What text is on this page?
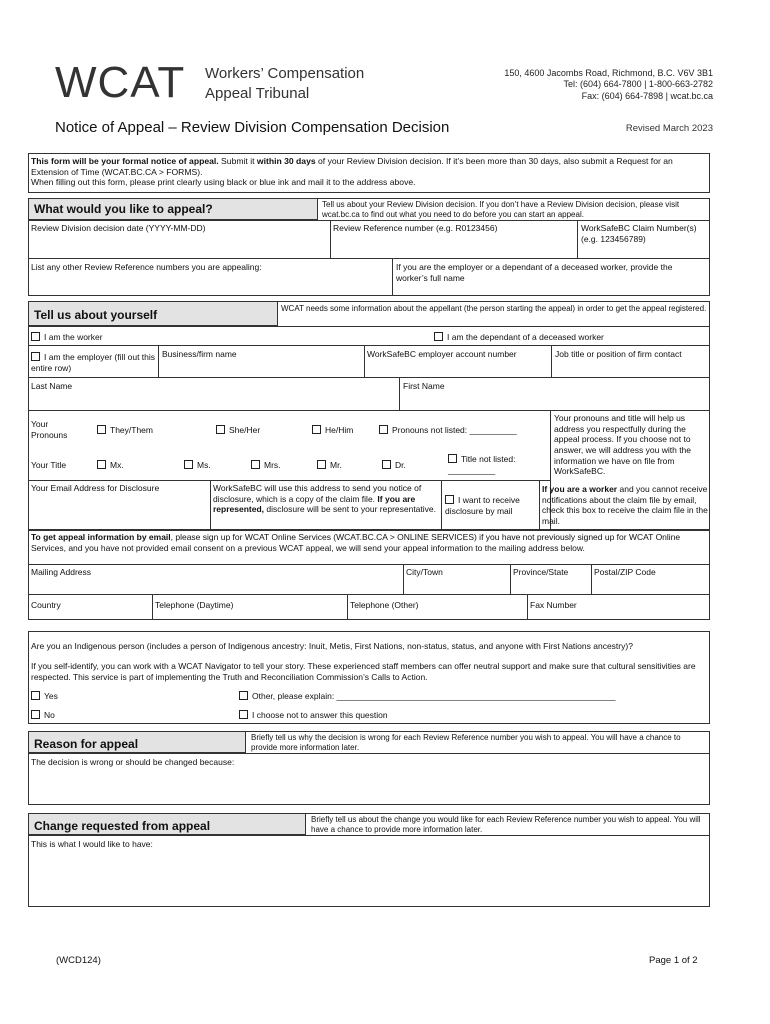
WCAT Workers’ Compensation
Appeal Tribunal
150, 4600 Jacombs Road, Richmond, B.C. V6V 3B1
Tel: (604) 664-7800 | 1-800-663-2782
Fax: (604) 664-7898 | wcat.bc.ca
Notice of Appeal – Review Division Compensation Decision	Revised March 2023
This form will be your formal notice of appeal. Submit it within 30 days of your Review Division decision. If it’s been more than 30 days, also submit a Request for an Extension of Time (WCAT.BC.CA > FORMS).
When filling out this form, please print clearly using black or blue ink and mail it to the address above.
What would you like to appeal?	Tell us about your Review Division decision. If you don’t have a Review Division decision, please visit wcat.bc.ca to find out what you need to do before you can start an appeal.
Review Division decision date (YYYY-MM-DD)	Review Reference number (e.g. R0123456)	WorkSafeBC Claim Number(s) (e.g. 123456789)
List any other Review Reference numbers you are appealing:	If you are the employer or a dependant of a deceased worker, provide the worker’s full name
Tell us about yourself	WCAT needs some information about the appellant (the person starting the appeal) in order to get the appeal registered.
I am the worker	I am the dependant of a deceased worker
I am the employer (fill out this entire row)
Business/firm name	WorkSafeBC employer account number	Job title or position of firm contact
Last Name	First Name
Your Pronouns	They/Them	She/Her	He/Him	Pronouns not listed: __________
Your pronouns and title will help us address you respectfully during the appeal process. If you choose not to answer, we will address you with the information we have on file from WorkSafeBC.
Your Title	Mx.	Ms.	Mrs.	Mr.	Dr.
Title not listed: __________
Your Email Address for Disclosure	WorkSafeBC will use this address to send you notice of disclosure, which is a copy of the claim file. If you are represented, disclosure will be sent to your representative.
I want to receive disclosure by mail
If you are a worker and you cannot receive notifications about the claim file by email, check this box to receive the claim file in the mail.
To get appeal information by email, please sign up for WCAT Online Services (WCAT.BC.CA > ONLINE SERVICES) if you have not previously signed up for WCAT Online Services, and you have not provided email consent on a previous WCAT appeal, we will send your appeal information to the mailing address below.
Mailing Address	City/Town	Province/State	Postal/ZIP Code
Country	Telephone (Daytime)	Telephone (Other)	Fax Number
Are you an Indigenous person (includes a person of Indigenous ancestry: Inuit, Metis, First Nations, non-status, status, and anyone with First Nations ancestry)?
If you self-identify, you can work with a WCAT Navigator to tell your story. These experienced staff members can offer neutral support and make sure that cultural sensitivities are respected. This service is part of implementing the Truth and Reconciliation Commission’s Calls to Action.
Yes	Other, please explain: ___________________________________________________________
No	I choose not to answer this question
Reason for appeal	Briefly tell us why the decision is wrong for each Review Reference number you wish to appeal. You will have a chance to provide more information later.
The decision is wrong or should be changed because:
Change requested from appeal	Briefly tell us about the change you would like for each Review Reference number you wish to appeal. You will have a chance to provide more information later.
This is what I would like to have:
(WCD124)	Page 1 of 2
